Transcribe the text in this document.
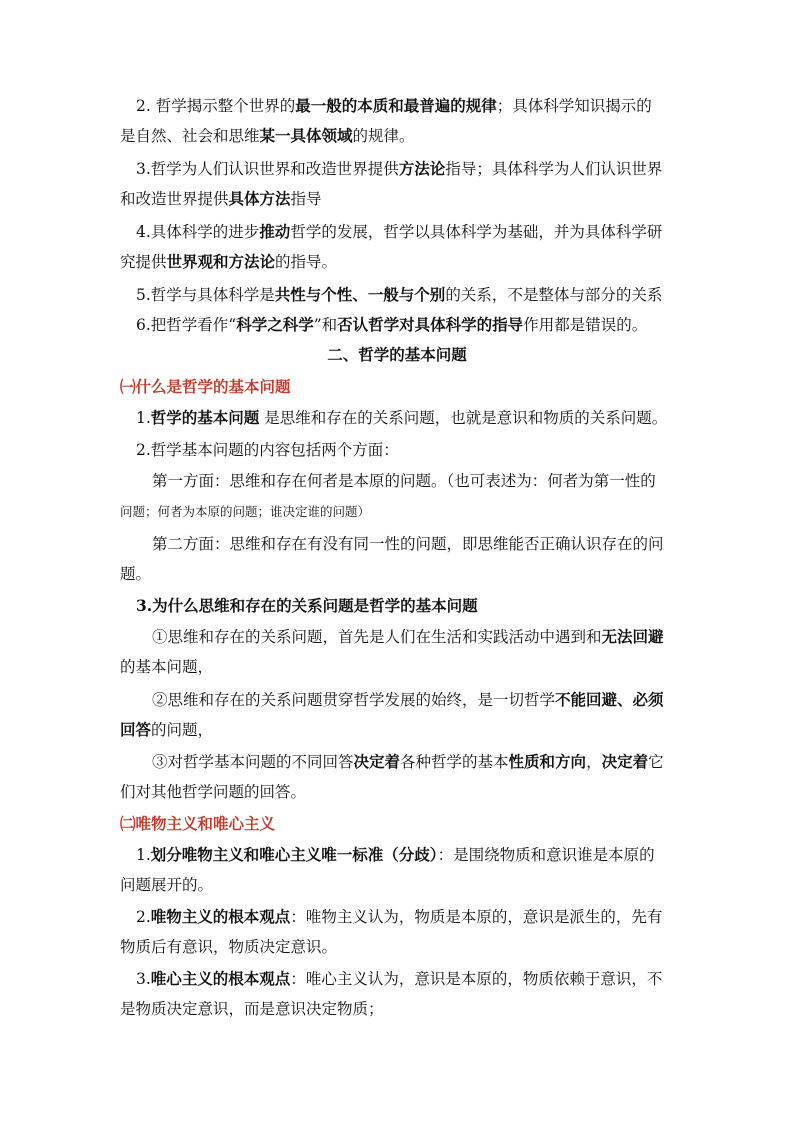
2. 哲学揭示整个世界的最一般的本质和最普遍的规律；具体科学知识揭示的
是自然、社会和思维某一具体领域的规律。
3.哲学为人们认识世界和改造世界提供方法论指导；具体科学为人们认识世界
和改造世界提供具体方法指导
4.具体科学的进步推动哲学的发展，哲学以具体科学为基础，并为具体科学研
究提供世界观和方法论的指导。
5.哲学与具体科学是共性与个性、一般与个别的关系，不是整体与部分的关系
6.把哲学看作“科学之科学”和否认哲学对具体科学的指导作用都是错误的。
二、哲学的基本问题
㈠什么是哲学的基本问题
1.哲学的基本问题 是思维和存在的关系问题，也就是意识和物质的关系问题。
2.哲学基本问题的内容包括两个方面：
第一方面：思维和存在何者是本原的问题。（也可表述为：何者为第一性的
问题；何者为本原的问题；谁决定谁的问题）
第二方面：思维和存在有没有同一性的问题，即思维能否正确认识存在的问
题。
3.为什么思维和存在的关系问题是哲学的基本问题
①思维和存在的关系问题，首先是人们在生活和实践活动中遇到和无法回避
的基本问题，
②思维和存在的关系问题贯穿哲学发展的始终，是一切哲学不能回避、必须
回答的问题，
③对哲学基本问题的不同回答决定着各种哲学的基本性质和方向，决定着它
们对其他哲学问题的回答。
㈡唯物主义和唯心主义
1.划分唯物主义和唯心主义唯一标准（分歧）：是围绕物质和意识谁是本原的
问题展开的。
2.唯物主义的根本观点：唯物主义认为，物质是本原的，意识是派生的，先有
物质后有意识，物质决定意识。
3.唯心主义的根本观点：唯心主义认为，意识是本原的，物质依赖于意识，不
是物质决定意识，而是意识决定物质；
